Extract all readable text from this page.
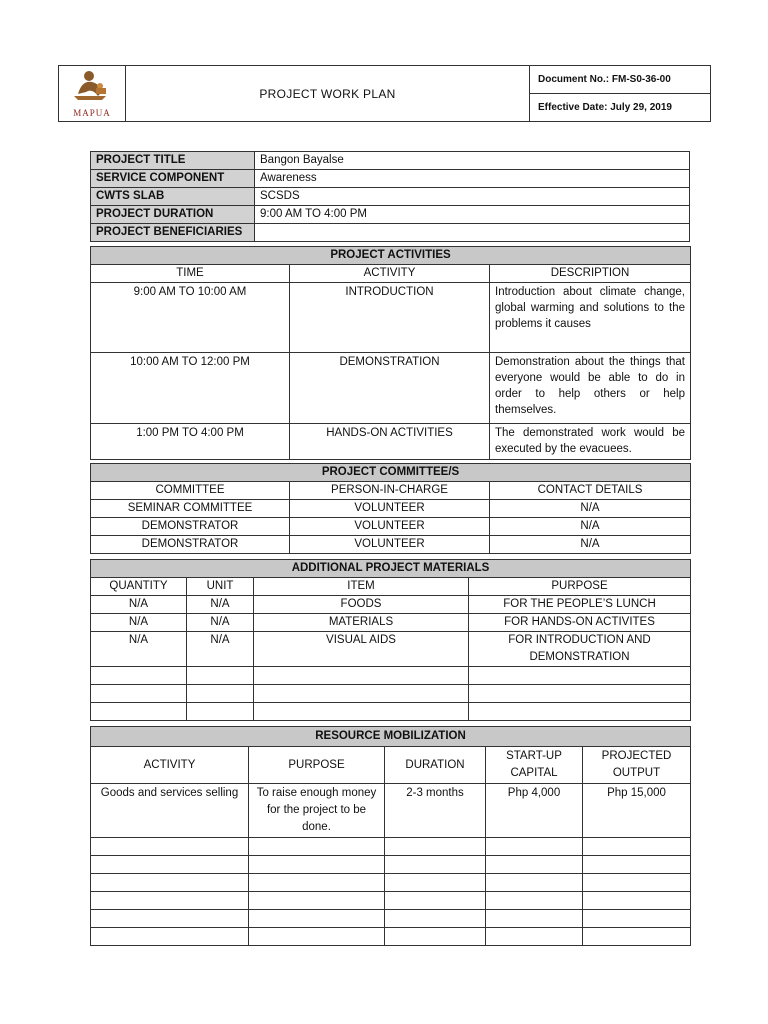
MAPUA
	PROJECT WORK PLAN	Document No.: FM-S0-36-00
Effective Date: July 29, 2019
PROJECT TITLE	Bangon Bayalse
SERVICE COMPONENT	Awareness
CWTS SLAB	SCSDS
PROJECT DURATION	9:00 AM TO 4:00 PM
PROJECT BENEFICIARIES	
PROJECT ACTIVITIES		
TIME	ACTIVITY	DESCRIPTION
9:00 AM TO 10:00 AM	INTRODUCTION	Introduction about climate change, global warming and solutions to the problems it causes
10:00 AM TO 12:00 PM	DEMONSTRATION	Demonstration about the things that everyone would be able to do in order to help others or help themselves.
1:00 PM TO 4:00 PM	HANDS-ON ACTIVITIES	The demonstrated work would be executed by the evacuees.
PROJECT COMMITTEE/S		
COMMITTEE	PERSON-IN-CHARGE	CONTACT DETAILS
SEMINAR COMMITTEE	VOLUNTEER	N/A
DEMONSTRATOR	VOLUNTEER	N/A
DEMONSTRATOR	VOLUNTEER	N/A
ADDITIONAL PROJECT MATERIALS			
QUANTITY	UNIT	ITEM	PURPOSE
N/A	N/A	FOODS	FOR THE PEOPLE’S LUNCH
N/A	N/A	MATERIALS	FOR HANDS-ON ACTIVITES
N/A	N/A	VISUAL AIDS	FOR INTRODUCTION AND DEMONSTRATION

RESOURCE MOBILIZATION				
ACTIVITY	PURPOSE	DURATION	START-UP CAPITAL	PROJECTED OUTPUT
Goods and services selling	To raise enough money for the project to be done.	2-3 months	Php 4,000	Php 15,000
